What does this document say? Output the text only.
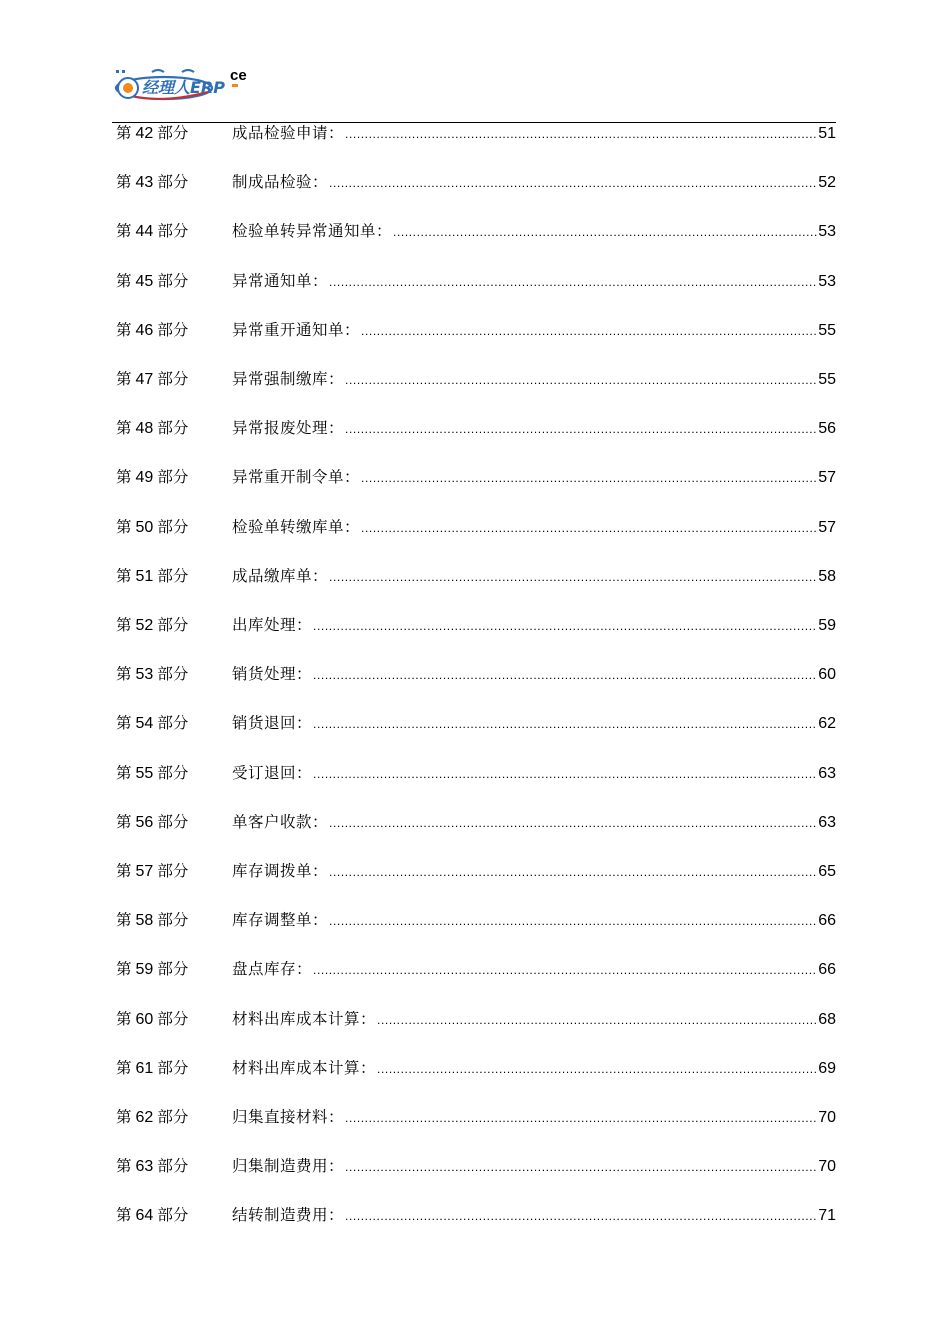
经理人ERP
ce
第 42 部分	成品检验申请： .....	51
第 43 部分	制成品检验： .....	52
第 44 部分	检验单转异常通知单： .....	53
第 45 部分	异常通知单： .....	53
第 46 部分	异常重开通知单： .....	55
第 47 部分	异常强制缴库： .....	55
第 48 部分	异常报废处理： .....	56
第 49 部分	异常重开制令单： .....	57
第 50 部分	检验单转缴库单： .....	57
第 51 部分	成品缴库单： .....	58
第 52 部分	出库处理： .....	59
第 53 部分	销货处理： .....	60
第 54 部分	销货退回： .....	62
第 55 部分	受订退回： .....	63
第 56 部分	单客户收款： .....	63
第 57 部分	库存调拨单： .....	65
第 58 部分	库存调整单： .....	66
第 59 部分	盘点库存： .....	66
第 60 部分	材料出库成本计算： .....	68
第 61 部分	材料出库成本计算： .....	69
第 62 部分	归集直接材料： .....	70
第 63 部分	归集制造费用： .....	70
第 64 部分	结转制造费用： .....	71
